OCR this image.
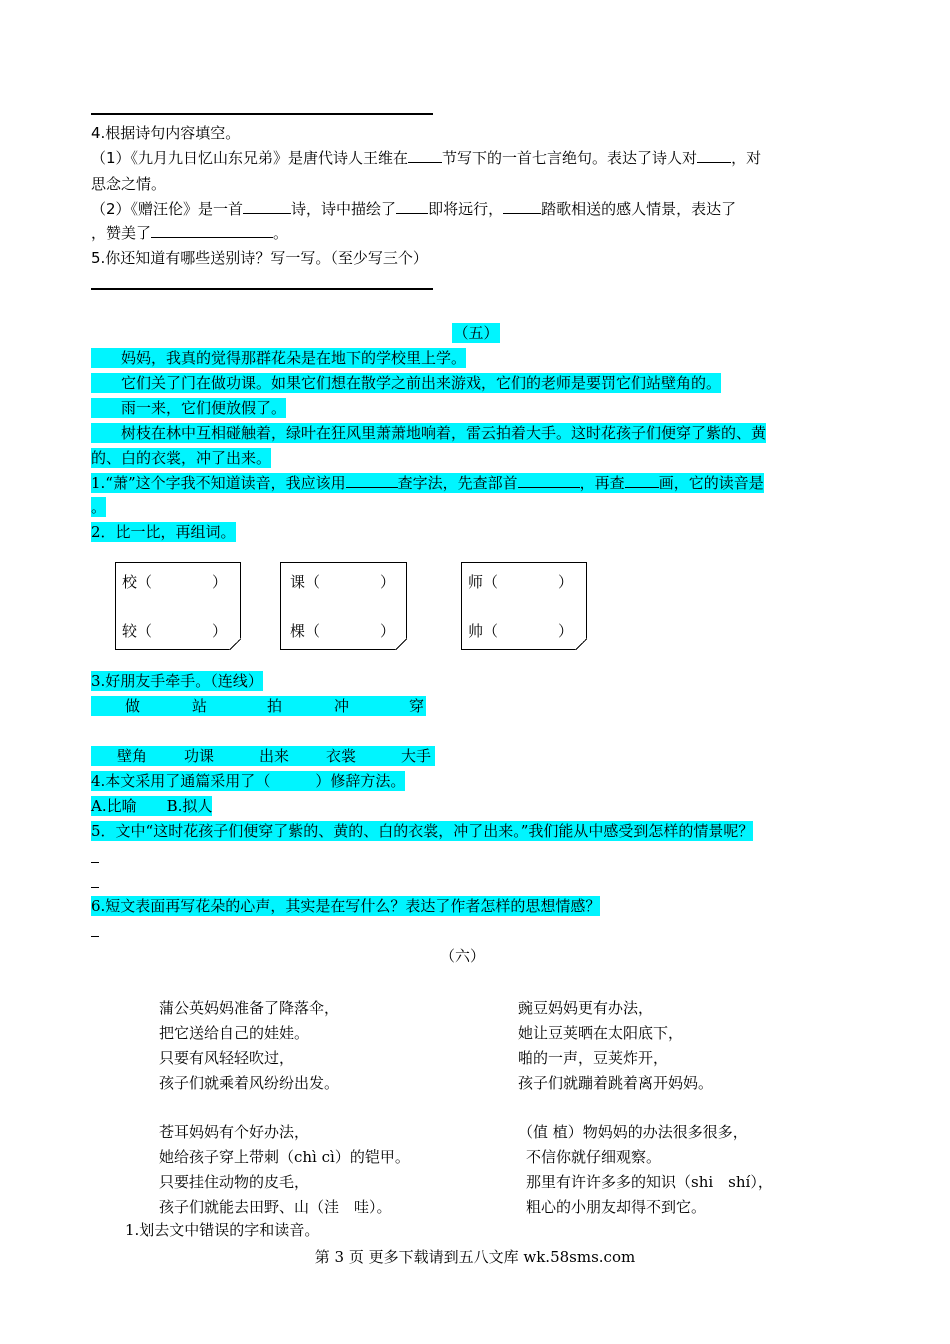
4.根据诗句内容填空。
（1）《九月九日忆山东兄弟》是唐代诗人王维在 节写下的一首七言绝句。表达了诗人对 ，对
思念之情。
（2）《赠汪伦》是一首	诗，诗中描绘了 即将远行，	踏歌相送的感人情景，表达了
，赞美了	。
5.你还知道有哪些送别诗？写一写。（至少写三个）
（五）
妈妈，我真的觉得那群花朵是在地下的学校里上学。
它们关了门在做功课。如果它们想在散学之前出来游戏，它们的老师是要罚它们站壁角的。
雨一来，它们便放假了。
树枝在林中互相碰触着，绿叶在狂风里萧萧地响着，雷云拍着大手。这时花孩子们便穿了紫的、黄
的、白的衣裳，冲了出来。
1.“萧”这个字我不知道读音，我应该用	查字法，先查部首	，再查 画，它的读音是
。
2．比一比，再组词。
校（　　　　）	课（　　　　）	师（　　　　）
较（　　　　）	棵（　　　　）	帅（　　　　）
3.好朋友手牵手。（连线）
做	站	拍	冲	穿
壁角 功课	出来 衣裳	大手
4.本文采用了通篇采用了（　　　）修辞方法。
A.比喻　　B.拟人
5．文中“这时花孩子们便穿了紫的、黄的、白的衣裳，冲了出来。”我们能从中感受到怎样的情景呢？
6.短文表面再写花朵的心声，其实是在写什么？表达了作者怎样的思想情感？
（六）
蒲公英妈妈准备了降落伞，
把它送给自己的娃娃。
只要有风轻轻吹过，
孩子们就乘着风纷纷出发。
豌豆妈妈更有办法，
她让豆荚晒在太阳底下，
啪的一声，豆荚炸开，
孩子们就蹦着跳着离开妈妈。
苍耳妈妈有个好办法，
她给孩子穿上带刺（chì cì）的铠甲。
只要挂住动物的皮毛，
孩子们就能去田野、山（洼　哇）。
（值 植）物妈妈的办法很多很多，
不信你就仔细观察。
那里有许许多多的知识（shi　shí），
粗心的小朋友却得不到它。
1.划去文中错误的字和读音。
第 3 页 更多下载请到五八文库 wk.58sms.com
